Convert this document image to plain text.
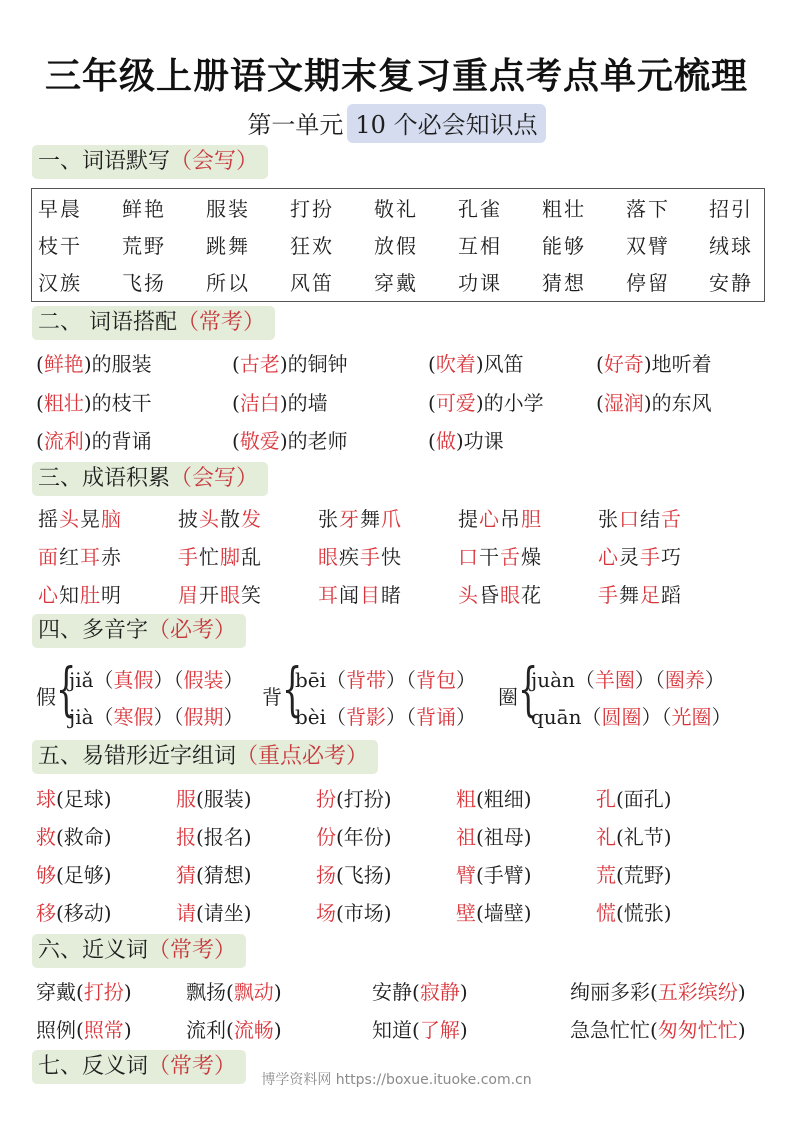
三年级上册语文期末复习重点考点单元梳理
第一单元 10 个必会知识点
一、词语默写（会写）
早晨 鲜艳 服装 打扮 敬礼 孔雀 粗壮 落下 招引
枝干 荒野 跳舞 狂欢 放假 互相 能够 双臂 绒球
汉族 飞扬 所以 风笛 穿戴 功课 猜想 停留 安静
二、 词语搭配（常考）
(鲜艳)的服装	(古老)的铜钟	(吹着)风笛	(好奇)地听着
(粗壮)的枝干	(洁白)的墙	(可爱)的小学	(湿润)的东风
(流利)的背诵	(敬爱)的老师	(做)功课
三、成语积累（会写）
摇头晃脑	披头散发	张牙舞爪	提心吊胆	张口结舌
面红耳赤	手忙脚乱	眼疾手快	口干舌燥	心灵手巧
心知肚明	眉开眼笑	耳闻目睹	头昏眼花	手舞足蹈
四、多音字（必考）
假 {
jiǎ（真假）（假装）
jià（寒假）（假期）
背 {
bēi（背带）（背包）
bèi（背影）（背诵）
圈 {
juàn（羊圈）（圈养）
quān（圆圈）（光圈）
五、易错形近字组词（重点必考）
球(足球)	服(服装)	扮(打扮)	粗(粗细)	孔(面孔)
救(救命)	报(报名)	份(年份)	祖(祖母)	礼(礼节)
够(足够)	猜(猜想)	扬(飞扬)	臂(手臂)	荒(荒野)
移(移动)	请(请坐)	场(市场)	壁(墙壁)	慌(慌张)
六、近义词（常考）
穿戴(打扮)	飘扬(飘动)	安静(寂静)	绚丽多彩(五彩缤纷)
照例(照常)	流利(流畅)	知道(了解)	急急忙忙(匆匆忙忙)
七、反义词（常考）
博学资料网 https://boxue.ituoke.com.cn
